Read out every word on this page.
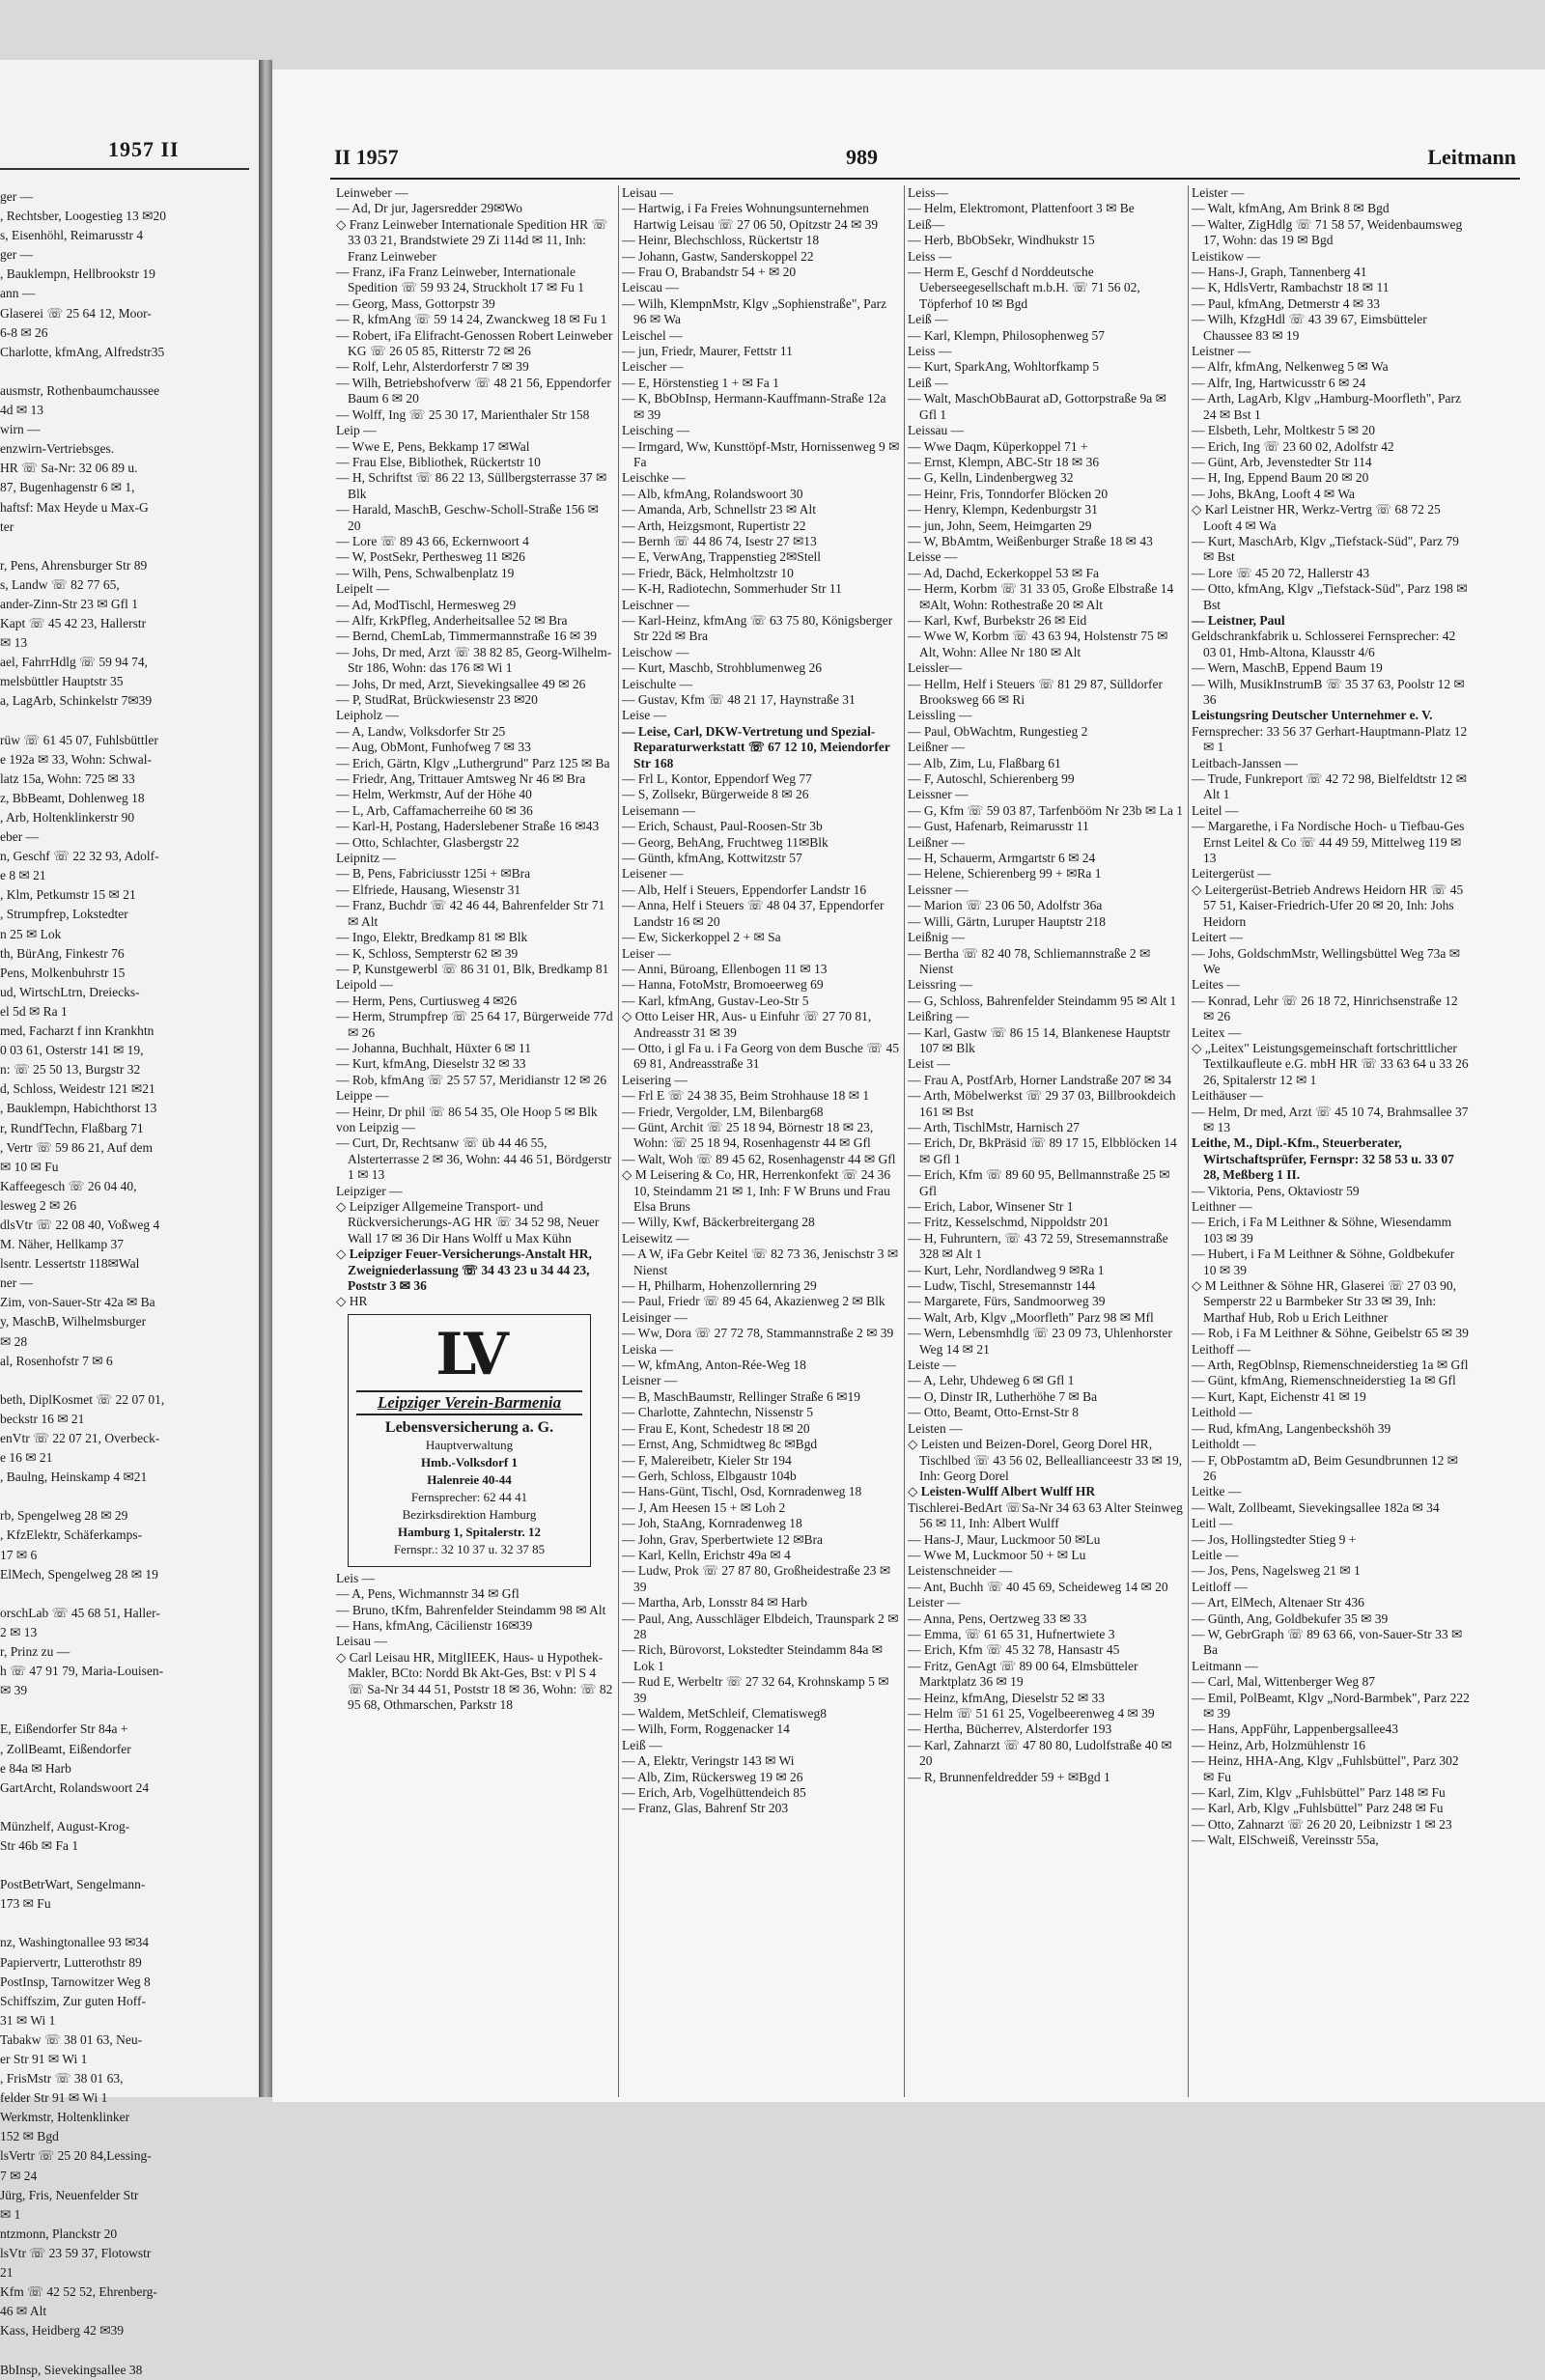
1957 II
ger —
, Rechtsber, Loogestieg 13 ✉20
s, Eisenhöhl, Reimarusstr 4
ger —
, Bauklempn, Hellbrookstr 19
ann —
Glaserei ☏ 25 64 12, Moor-
6-8 ✉ 26
Charlotte, kfmAng, Alfredstr35
ausmstr, Rothenbaumchaussee
4d ✉ 13
wirn —
enzwirn-Vertriebsges.
HR ☏ Sa-Nr: 32 06 89 u.
87, Bugenhagenstr 6 ✉ 1,
haftsf: Max Heyde u Max-G
ter
r, Pens, Ahrensburger Str 89
s, Landw ☏ 82 77 65,
ander-Zinn-Str 23 ✉ Gfl 1
Kapt ☏ 45 42 23, Hallerstr
✉ 13
ael, FahrrHdlg ☏ 59 94 74,
melsbüttler Hauptstr 35
a, LagArb, Schinkelstr 7✉39
rüw ☏ 61 45 07, Fuhlsbüttler
e 192a ✉ 33, Wohn: Schwal-
latz 15a, Wohn: 725 ✉ 33
z, BbBeamt, Dohlenweg 18
, Arb, Holtenklinkerstr 90
eber —
n, Geschf ☏ 22 32 93, Adolf-
e 8 ✉ 21
, Klm, Petkumstr 15 ✉ 21
, Strumpfrep, Lokstedter
n 25 ✉ Lok
th, BürAng, Finkestr 76
Pens, Molkenbuhrstr 15
ud, WirtschLtrn, Dreiecks-
el 5d ✉ Ra 1
med, Facharzt f inn Krankhtn
0 03 61, Osterstr 141 ✉ 19,
n: ☏ 25 50 13, Burgstr 32
d, Schloss, Weidestr 121 ✉21
, Bauklempn, Habichthorst 13
r, RundfTechn, Flaßbarg 71
, Vertr ☏ 59 86 21, Auf dem
✉ 10 ✉ Fu
Kaffeegesch ☏ 26 04 40,
lesweg 2 ✉ 26
dlsVtr ☏ 22 08 40, Voßweg 4
M. Näher, Hellkamp 37
lsentr. Lessertstr 118✉Wal
ner —
Zim, von-Sauer-Str 42a ✉ Ba
y, MaschB, Wilhelmsburger
✉ 28
al, Rosenhofstr 7 ✉ 6
beth, DiplKosmet ☏ 22 07 01,
beckstr 16 ✉ 21
enVtr ☏ 22 07 21, Overbeck-
e 16 ✉ 21
, Baulng, Heinskamp 4 ✉21
rb, Spengelweg 28 ✉ 29
, KfzElektr, Schäferkamps-
17 ✉ 6
ElMech, Spengelweg 28 ✉ 19
orschLab ☏ 45 68 51, Haller-
2 ✉ 13
r, Prinz zu —
h ☏ 47 91 79, Maria-Louisen-
✉ 39
E, Eißendorfer Str 84a +
, ZollBeamt, Eißendorfer
e 84a ✉ Harb
GartArcht, Rolandswoort 24
Münzhelf, August-Krog-
Str 46b ✉ Fa 1
PostBetrWart, Sengelmann-
173 ✉ Fu
nz, Washingtonallee 93 ✉34
Papiervertr, Lutterothstr 89
PostInsp, Tarnowitzer Weg 8
Schiffszim, Zur guten Hoff-
31 ✉ Wi 1
Tabakw ☏ 38 01 63, Neu-
er Str 91 ✉ Wi 1
, FrisMstr ☏ 38 01 63,
felder Str 91 ✉ Wi 1
Werkmstr, Holtenklinker
152 ✉ Bgd
lsVertr ☏ 25 20 84,Lessing-
7 ✉ 24
Jürg, Fris, Neuenfelder Str
✉ 1
ntzmonn, Planckstr 20
lsVtr ☏ 23 59 37, Flotowstr
21
Kfm ☏ 42 52 52, Ehrenberg-
46 ✉ Alt
Kass, Heidberg 42 ✉39
BbInsp, Sievekingsallee 38
II 1957	989	Leitmann
Leinweber —
— Ad, Dr jur, Jagersredder 29✉Wo
◇ Franz Leinweber Internationale Spedition HR ☏ 33 03 21, Brandstwiete 29 Zi 114d ✉ 11, Inh: Franz Leinweber
— Franz, iFa Franz Leinweber, Internationale Spedition ☏ 59 93 24, Struckholt 17 ✉ Fu 1
— Georg, Mass, Gottorpstr 39
— R, kfmAng ☏ 59 14 24, Zwanckweg 18 ✉ Fu 1
— Robert, iFa Elifracht-Genossen Robert Leinweber KG ☏ 26 05 85, Ritterstr 72 ✉ 26
— Rolf, Lehr, Alsterdorferstr 7 ✉ 39
— Wilh, Betriebshofverw ☏ 48 21 56, Eppendorfer Baum 6 ✉ 20
— Wolff, Ing ☏ 25 30 17, Marienthaler Str 158
Leip —
— Wwe E, Pens, Bekkamp 17 ✉Wal
— Frau Else, Bibliothek, Rückertstr 10
— H, Schriftst ☏ 86 22 13, Süllbergsterrasse 37 ✉ Blk
— Harald, MaschB, Geschw-Scholl-Straße 156 ✉ 20
— Lore ☏ 89 43 66, Eckernwoort 4
— W, PostSekr, Perthesweg 11 ✉26
— Wilh, Pens, Schwalbenplatz 19
Leipelt —
— Ad, ModTischl, Hermesweg 29
— Alfr, KrkPfleg, Anderheitsallee 52 ✉ Bra
— Bernd, ChemLab, Timmermannstraße 16 ✉ 39
— Johs, Dr med, Arzt ☏ 38 82 85, Georg-Wilhelm-Str 186, Wohn: das 176 ✉ Wi 1
— Johs, Dr med, Arzt, Sievekingsallee 49 ✉ 26
— P, StudRat, Brückwiesenstr 23 ✉20
Leipholz —
— A, Landw, Volksdorfer Str 25
— Aug, ObMont, Funhofweg 7 ✉ 33
— Erich, Gärtn, Klgv „Luthergrund" Parz 125 ✉ Ba
— Friedr, Ang, Trittauer Amtsweg Nr 46 ✉ Bra
— Helm, Werkmstr, Auf der Höhe 40
— L, Arb, Caffamacherreihe 60 ✉ 36
— Karl-H, Postang, Haderslebener Straße 16 ✉43
— Otto, Schlachter, Glasbergstr 22
Leipnitz —
— B, Pens, Fabriciusstr 125i + ✉Bra
— Elfriede, Hausang, Wiesenstr 31
— Franz, Buchdr ☏ 42 46 44, Bahrenfelder Str 71 ✉ Alt
— Ingo, Elektr, Bredkamp 81 ✉ Blk
— K, Schloss, Sempterstr 62 ✉ 39
— P, Kunstgewerbl ☏ 86 31 01, Blk, Bredkamp 81
Leipold —
— Herm, Pens, Curtiusweg 4 ✉26
— Herm, Strumpfrep ☏ 25 64 17, Bürgerweide 77d ✉ 26
— Johanna, Buchhalt, Hüxter 6 ✉ 11
— Kurt, kfmAng, Dieselstr 32 ✉ 33
— Rob, kfmAng ☏ 25 57 57, Meridianstr 12 ✉ 26
Leippe —
— Heinr, Dr phil ☏ 86 54 35, Ole Hoop 5 ✉ Blk
von Leipzig —
— Curt, Dr, Rechtsanw ☏ üb 44 46 55, Alsterterrasse 2 ✉ 36, Wohn: 44 46 51, Bördgerstr 1 ✉ 13
Leipziger —
◇ Leipziger Allgemeine Transport- und Rückversicherungs-AG HR ☏ 34 52 98, Neuer Wall 17 ✉ 36 Dir Hans Wolff u Max Kühn
◇ Leipziger Feuer-Versicherungs-Anstalt HR, Zweigniederlassung ☏ 34 43 23 u 34 44 23, Poststr 3 ✉ 36
◇ HR
LV
Leipziger Verein-Barmenia
Lebensversicherung a. G.
Hauptverwaltung
Hmb.-Volksdorf 1
Halenreie 40-44
Fernsprecher: 62 44 41
Bezirksdirektion Hamburg
Hamburg 1, Spitalerstr. 12
Fernspr.: 32 10 37 u. 32 37 85
Leis —
— A, Pens, Wichmannstr 34 ✉ Gfl
— Bruno, tKfm, Bahrenfelder Steindamm 98 ✉ Alt
— Hans, kfmAng, Cäcilienstr 16✉39
Leisau —
◇ Carl Leisau HR, MitglIEEK, Haus- u Hypothek-Makler, BCto: Nordd Bk Akt-Ges, Bst: v Pl S 4 ☏ Sa-Nr 34 44 51, Poststr 18 ✉ 36, Wohn: ☏ 82 95 68, Othmarschen, Parkstr 18
Leisau —
— Hartwig, i Fa Freies Wohnungsunternehmen Hartwig Leisau ☏ 27 06 50, Opitzstr 24 ✉ 39
— Heinr, Blechschloss, Rückertstr 18
— Johann, Gastw, Sanderskoppel 22
— Frau O, Brabandstr 54 + ✉ 20
Leiscau —
— Wilh, KlempnMstr, Klgv „Sophienstraße", Parz 96 ✉ Wa
Leischel —
— jun, Friedr, Maurer, Fettstr 11
Leischer —
— E, Hörstenstieg 1 + ✉ Fa 1
— K, BbObInsp, Hermann-Kauffmann-Straße 12a ✉ 39
Leisching —
— Irmgard, Ww, Kunsttöpf-Mstr, Hornissenweg 9 ✉ Fa
Leischke —
— Alb, kfmAng, Rolandswoort 30
— Amanda, Arb, Schnellstr 23 ✉ Alt
— Arth, Heizgsmont, Rupertistr 22
— Bernh ☏ 44 86 74, Isestr 27 ✉13
— E, VerwAng, Trappenstieg 2✉Stell
— Friedr, Bäck, Helmholtzstr 10
— K-H, Radiotechn, Sommerhuder Str 11
Leischner —
— Karl-Heinz, kfmAng ☏ 63 75 80, Königsberger Str 22d ✉ Bra
Leischow —
— Kurt, Maschb, Strohblumenweg 26
Leischulte —
— Gustav, Kfm ☏ 48 21 17, Haynstraße 31
Leise —
— Leise, Carl, DKW-Vertretung und Spezial-Reparaturwerkstatt ☏ 67 12 10, Meiendorfer Str 168
— Frl L, Kontor, Eppendorf Weg 77
— S, Zollsekr, Bürgerweide 8 ✉ 26
Leisemann —
— Erich, Schaust, Paul-Roosen-Str 3b
— Georg, BehAng, Fruchtweg 11✉Blk
— Günth, kfmAng, Kottwitzstr 57
Leisener —
— Alb, Helf i Steuers, Eppendorfer Landstr 16
— Anna, Helf i Steuers ☏ 48 04 37, Eppendorfer Landstr 16 ✉ 20
— Ew, Sickerkoppel 2 + ✉ Sa
Leiser —
— Anni, Büroang, Ellenbogen 11 ✉ 13
— Hanna, FotoMstr, Bromoeerweg 69
— Karl, kfmAng, Gustav-Leo-Str 5
◇ Otto Leiser HR, Aus- u Einfuhr ☏ 27 70 81, Andreasstr 31 ✉ 39
— Otto, i gl Fa u. i Fa Georg von dem Busche ☏ 45 69 81, Andreasstraße 31
Leisering —
— Frl E ☏ 24 38 35, Beim Strohhause 18 ✉ 1
— Friedr, Vergolder, LM, Bilenbarg68
— Günt, Archit ☏ 25 18 94, Börnestr 18 ✉ 23, Wohn: ☏ 25 18 94, Rosenhagenstr 44 ✉ Gfl
— Walt, Woh ☏ 89 45 62, Rosenhagenstr 44 ✉ Gfl
◇ M Leisering & Co, HR, Herrenkonfekt ☏ 24 36 10, Steindamm 21 ✉ 1, Inh: F W Bruns und Frau Elsa Bruns
— Willy, Kwf, Bäckerbreitergang 28
Leisewitz —
— A W, iFa Gebr Keitel ☏ 82 73 36, Jenischstr 3 ✉ Nienst
— H, Philharm, Hohenzollernring 29
— Paul, Friedr ☏ 89 45 64, Akazienweg 2 ✉ Blk
Leisinger —
— Ww, Dora ☏ 27 72 78, Stammannstraße 2 ✉ 39
Leiska —
— W, kfmAng, Anton-Rée-Weg 18
Leisner —
— B, MaschBaumstr, Rellinger Straße 6 ✉19
— Charlotte, Zahntechn, Nissenstr 5
— Frau E, Kont, Schedestr 18 ✉ 20
— Ernst, Ang, Schmidtweg 8c ✉Bgd
— F, Malereibetr, Kieler Str 194
— Gerh, Schloss, Elbgaustr 104b
— Hans-Günt, Tischl, Osd, Kornradenweg 18
— J, Am Heesen 15 + ✉ Loh 2
— Joh, StaAng, Kornradenweg 18
— John, Grav, Sperbertwiete 12 ✉Bra
— Karl, Kelln, Erichstr 49a ✉ 4
— Ludw, Prok ☏ 27 87 80, Großheidestraße 23 ✉ 39
— Martha, Arb, Lonsstr 84 ✉ Harb
— Paul, Ang, Ausschläger Elbdeich, Traunspark 2 ✉ 28
— Rich, Bürovorst, Lokstedter Steindamm 84a ✉ Lok 1
— Rud E, Werbeltr ☏ 27 32 64, Krohnskamp 5 ✉ 39
— Waldem, MetSchleif, Clematisweg8
— Wilh, Form, Roggenacker 14
Leiß —
— A, Elektr, Veringstr 143 ✉ Wi
— Alb, Zim, Rückersweg 19 ✉ 26
— Erich, Arb, Vogelhüttendeich 85
— Franz, Glas, Bahrenf Str 203
Leiss—
— Helm, Elektromont, Plattenfoort 3 ✉ Be
Leiß—
— Herb, BbObSekr, Windhukstr 15
Leiss —
— Herm E, Geschf d Norddeutsche Ueberseegesellschaft m.b.H. ☏ 71 56 02, Töpferhof 10 ✉ Bgd
Leiß —
— Karl, Klempn, Philosophenweg 57
Leiss —
— Kurt, SparkAng, Wohltorfkamp 5
Leiß —
— Walt, MaschObBaurat aD, Gottorpstraße 9a ✉ Gfl 1
Leissau —
— Wwe Daqm, Küperkoppel 71 +
— Ernst, Klempn, ABC-Str 18 ✉ 36
— G, Kelln, Lindenbergweg 32
— Heinr, Fris, Tonndorfer Blöcken 20
— Henry, Klempn, Kedenburgstr 31
— jun, John, Seem, Heimgarten 29
— W, BbAmtm, Weißenburger Straße 18 ✉ 43
Leisse —
— Ad, Dachd, Eckerkoppel 53 ✉ Fa
— Herm, Korbm ☏ 31 33 05, Große Elbstraße 14 ✉Alt, Wohn: Rothestraße 20 ✉ Alt
— Karl, Kwf, Burbekstr 26 ✉ Eid
— Wwe W, Korbm ☏ 43 63 94, Holstenstr 75 ✉ Alt, Wohn: Allee Nr 180 ✉ Alt
Leissler—
— Hellm, Helf i Steuers ☏ 81 29 87, Sülldorfer Brooksweg 66 ✉ Ri
Leissling —
— Paul, ObWachtm, Rungestieg 2
Leißner —
— Alb, Zim, Lu, Flaßbarg 61
— F, Autoschl, Schierenberg 99
Leissner —
— G, Kfm ☏ 59 03 87, Tarfenbööm Nr 23b ✉ La 1
— Gust, Hafenarb, Reimarusstr 11
Leißner —
— H, Schauerm, Armgartstr 6 ✉ 24
— Helene, Schierenberg 99 + ✉Ra 1
Leissner —
— Marion ☏ 23 06 50, Adolfstr 36a
— Willi, Gärtn, Luruper Hauptstr 218
Leißnig —
— Bertha ☏ 82 40 78, Schliemannstraße 2 ✉ Nienst
Leissring —
— G, Schloss, Bahrenfelder Steindamm 95 ✉ Alt 1
Leißring —
— Karl, Gastw ☏ 86 15 14, Blankenese Hauptstr 107 ✉ Blk
Leist —
— Frau A, PostfArb, Horner Landstraße 207 ✉ 34
— Arth, Möbelwerkst ☏ 29 37 03, Billbrookdeich 161 ✉ Bst
— Arth, TischlMstr, Harnisch 27
— Erich, Dr, BkPräsid ☏ 89 17 15, Elbblöcken 14 ✉ Gfl 1
— Erich, Kfm ☏ 89 60 95, Bellmannstraße 25 ✉ Gfl
— Erich, Labor, Winsener Str 1
— Fritz, Kesselschmd, Nippoldstr 201
— H, Fuhruntern, ☏ 43 72 59, Stresemannstraße 328 ✉ Alt 1
— Kurt, Lehr, Nordlandweg 9 ✉Ra 1
— Ludw, Tischl, Stresemannstr 144
— Margarete, Fürs, Sandmoorweg 39
— Walt, Arb, Klgv „Moorfleth" Parz 98 ✉ Mfl
— Wern, Lebensmhdlg ☏ 23 09 73, Uhlenhorster Weg 14 ✉ 21
Leiste —
— A, Lehr, Uhdeweg 6 ✉ Gfl 1
— O, Dinstr IR, Lutherhöhe 7 ✉ Ba
— Otto, Beamt, Otto-Ernst-Str 8
Leisten —
◇ Leisten und Beizen-Dorel, Georg Dorel HR, Tischlbed ☏ 43 56 02, Belleallianceestr 33 ✉ 19, Inh: Georg Dorel
◇ Leisten-Wulff Albert Wulff HR
Tischlerei-BedArt ☏Sa-Nr 34 63 63 Alter Steinweg 56 ✉ 11, Inh: Albert Wulff
— Hans-J, Maur, Luckmoor 50 ✉Lu
— Wwe M, Luckmoor 50 + ✉ Lu
Leistenschneider —
— Ant, Buchh ☏ 40 45 69, Scheideweg 14 ✉ 20
Leister —
— Anna, Pens, Oertzweg 33 ✉ 33
— Emma, ☏ 61 65 31, Hufnertwiete 3
— Erich, Kfm ☏ 45 32 78, Hansastr 45
— Fritz, GenAgt ☏ 89 00 64, Elmsbütteler Marktplatz 36 ✉ 19
— Heinz, kfmAng, Dieselstr 52 ✉ 33
— Helm ☏ 51 61 25, Vogelbeerenweg 4 ✉ 39
— Hertha, Bücherrev, Alsterdorfer 193
— Karl, Zahnarzt ☏ 47 80 80, Ludolfstraße 40 ✉ 20
— R, Brunnenfeldredder 59 + ✉Bgd 1
Leister —
— Walt, kfmAng, Am Brink 8 ✉ Bgd
— Walter, ZigHdlg ☏ 71 58 57, Weidenbaumsweg 17, Wohn: das 19 ✉ Bgd
Leistikow —
— Hans-J, Graph, Tannenberg 41
— K, HdlsVertr, Rambachstr 18 ✉ 11
— Paul, kfmAng, Detmerstr 4 ✉ 33
— Wilh, KfzgHdl ☏ 43 39 67, Eimsbütteler Chaussee 83 ✉ 19
Leistner —
— Alfr, kfmAng, Nelkenweg 5 ✉ Wa
— Alfr, Ing, Hartwicusstr 6 ✉ 24
— Arth, LagArb, Klgv „Hamburg-Moorfleth", Parz 24 ✉ Bst 1
— Elsbeth, Lehr, Moltkestr 5 ✉ 20
— Erich, Ing ☏ 23 60 02, Adolfstr 42
— Günt, Arb, Jevenstedter Str 114
— H, Ing, Eppend Baum 20 ✉ 20
— Johs, BkAng, Looft 4 ✉ Wa
◇ Karl Leistner HR, Werkz-Vertrg ☏ 68 72 25 Looft 4 ✉ Wa
— Kurt, MaschArb, Klgv „Tiefstack-Süd", Parz 79 ✉ Bst
— Lore ☏ 45 20 72, Hallerstr 43
— Otto, kfmAng, Klgv „Tiefstack-Süd", Parz 198 ✉ Bst
— Leistner, Paul
Geldschrankfabrik u. Schlosserei Fernsprecher: 42 03 01, Hmb-Altona, Klausstr 4/6
— Wern, MaschB, Eppend Baum 19
— Wilh, MusikInstrumB ☏ 35 37 63, Poolstr 12 ✉ 36
Leistungsring Deutscher Unternehmer e. V.
Fernsprecher: 33 56 37 Gerhart-Hauptmann-Platz 12 ✉ 1
Leitbach-Janssen —
— Trude, Funkreport ☏ 42 72 98, Bielfeldtstr 12 ✉ Alt 1
Leitel —
— Margarethe, i Fa Nordische Hoch- u Tiefbau-Ges Ernst Leitel & Co ☏ 44 49 59, Mittelweg 119 ✉ 13
Leitergerüst —
◇ Leitergerüst-Betrieb Andrews Heidorn HR ☏ 45 57 51, Kaiser-Friedrich-Ufer 20 ✉ 20, Inh: Johs Heidorn
Leitert —
— Johs, GoldschmMstr, Wellingsbüttel Weg 73a ✉ We
Leites —
— Konrad, Lehr ☏ 26 18 72, Hinrichsenstraße 12 ✉ 26
Leitex —
◇ „Leitex" Leistungsgemeinschaft fortschrittlicher Textilkaufleute e.G. mbH HR ☏ 33 63 64 u 33 26 26, Spitalerstr 12 ✉ 1
Leithäuser —
— Helm, Dr med, Arzt ☏ 45 10 74, Brahmsallee 37 ✉ 13
Leithe, M., Dipl.-Kfm., Steuerberater, Wirtschaftsprüfer, Fernspr: 32 58 53 u. 33 07 28, Meßberg 1 II.
— Viktoria, Pens, Oktaviostr 59
Leithner —
— Erich, i Fa M Leithner & Söhne, Wiesendamm 103 ✉ 39
— Hubert, i Fa M Leithner & Söhne, Goldbekufer 10 ✉ 39
◇ M Leithner & Söhne HR, Glaserei ☏ 27 03 90, Semperstr 22 u Barmbeker Str 33 ✉ 39, Inh: Marthaf Hub, Rob u Erich Leithner
— Rob, i Fa M Leithner & Söhne, Geibelstr 65 ✉ 39
Leithoff —
— Arth, RegOblnsp, Riemenschneiderstieg 1a ✉ Gfl
— Günt, kfmAng, Riemenschneiderstieg 1a ✉ Gfl
— Kurt, Kapt, Eichenstr 41 ✉ 19
Leithold —
— Rud, kfmAng, Langenbeckshöh 39
Leitholdt —
— F, ObPostamtm aD, Beim Gesundbrunnen 12 ✉ 26
Leitke —
— Walt, Zollbeamt, Sievekingsallee 182a ✉ 34
Leitl —
— Jos, Hollingstedter Stieg 9 +
Leitle —
— Jos, Pens, Nagelsweg 21 ✉ 1
Leitloff —
— Art, ElMech, Altenaer Str 436
— Günth, Ang, Goldbekufer 35 ✉ 39
— W, GebrGraph ☏ 89 63 66, von-Sauer-Str 33 ✉ Ba
Leitmann —
— Carl, Mal, Wittenberger Weg 87
— Emil, PolBeamt, Klgv „Nord-Barmbek", Parz 222 ✉ 39
— Hans, AppFühr, Lappenbergsallee43
— Heinz, Arb, Holzmühlenstr 16
— Heinz, HHA-Ang, Klgv „Fuhlsbüttel", Parz 302 ✉ Fu
— Karl, Zim, Klgv „Fuhlsbüttel" Parz 148 ✉ Fu
— Karl, Arb, Klgv „Fuhlsbüttel" Parz 248 ✉ Fu
— Otto, Zahnarzt ☏ 26 20 20, Leibnizstr 1 ✉ 23
— Walt, ElSchweiß, Vereinsstr 55a,
